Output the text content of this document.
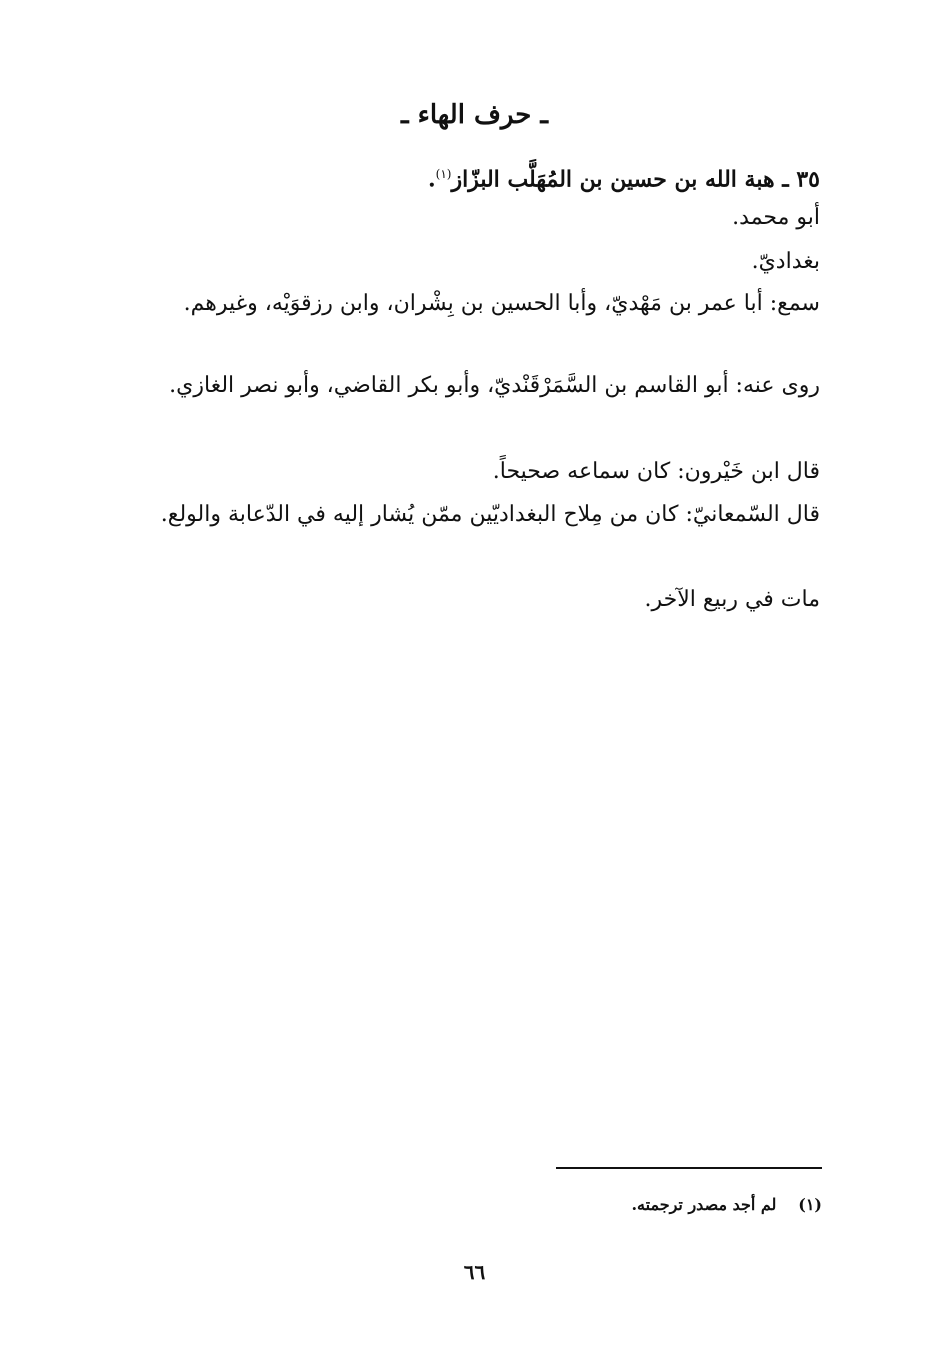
ـ حرف الهاء ـ
٣٥ ـ هبة الله بن حسين بن المُهَلَّب البزّاز$^{(١)}$.
أبو محمد.
بغداديّ.
سمع: أبا عمر بن مَهْديّ، وأبا الحسين بن بِشْران، وابن رزقوَيْه، وغيرهم.
روى عنه: أبو القاسم بن السَّمَرْقَنْديّ، وأبو بكر القاضي، وأبو نصر الغازي.
قال ابن خَيْرون: كان سماعه صحيحاً.
قال السّمعانيّ: كان من مِلاح البغداديّين ممّن يُشار إليه في الدّعابة والولع.
مات في ربيع الآخر.
(١) لم أجد مصدر ترجمته.
٦٦
